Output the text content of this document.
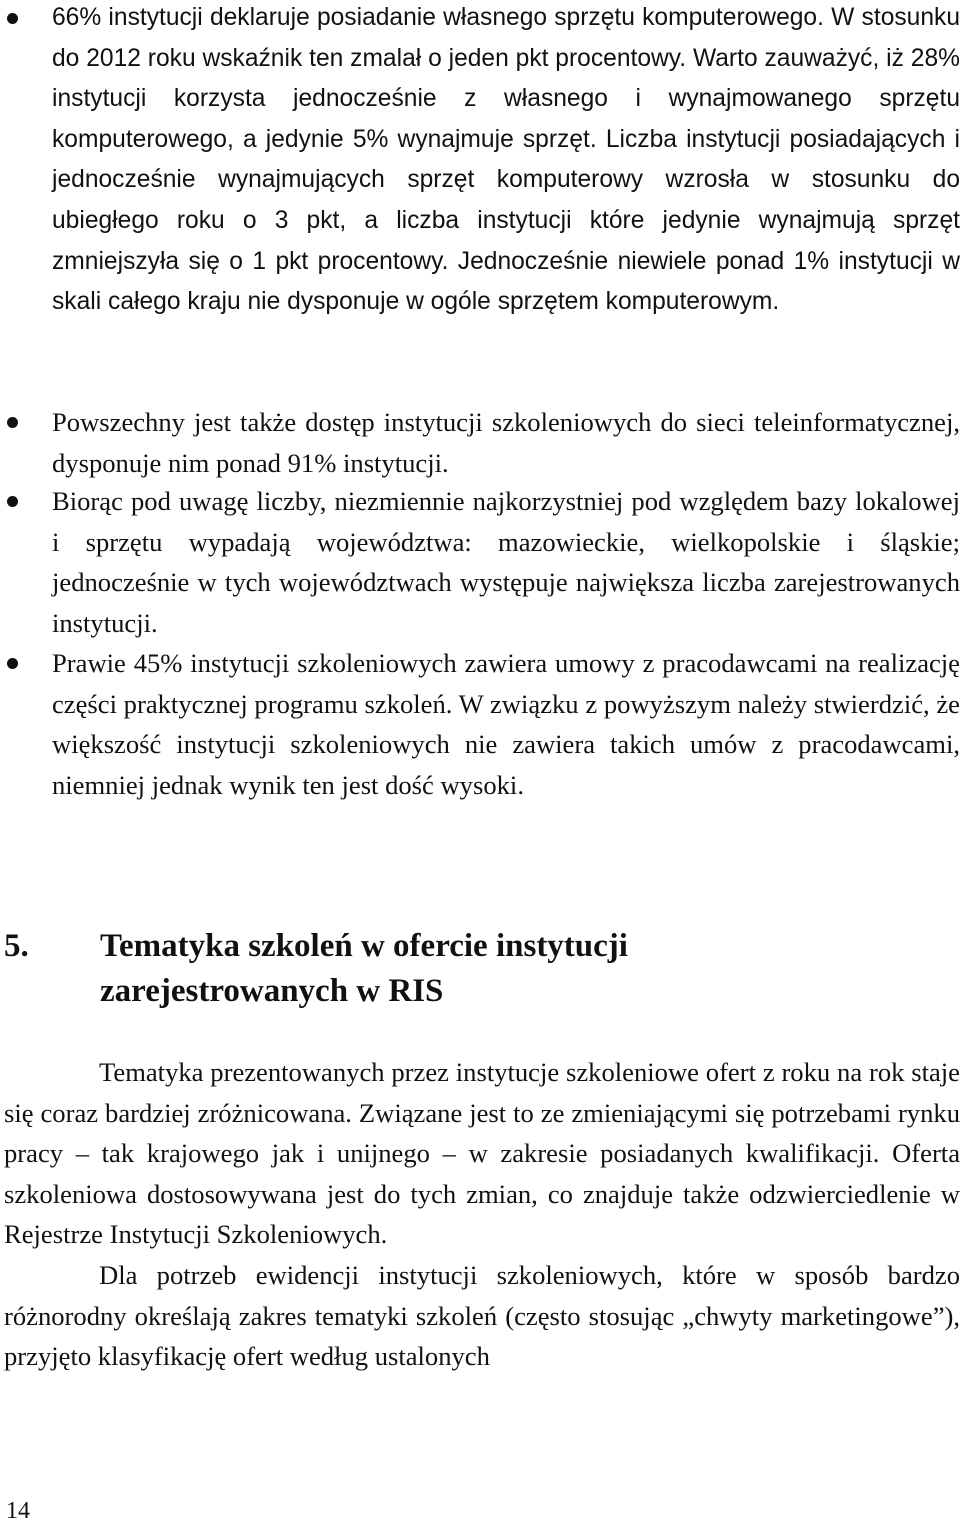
66% instytucji deklaruje posiadanie własnego sprzętu komputerowego. W stosunku do 2012 roku wskaźnik ten zmalał o jeden pkt procentowy. Warto zauważyć, iż 28% instytucji korzysta jednocześnie z własnego i wynajmowanego sprzętu komputerowego, a jedynie 5% wynajmuje sprzęt. Liczba instytucji posiadających i jednocześnie wynajmujących sprzęt komputerowy wzrosła w stosunku do ubiegłego roku o 3 pkt, a liczba instytucji które jedynie wynajmują sprzęt zmniejszyła się o 1 pkt procentowy. Jednocześnie niewiele ponad 1% instytucji w skali całego kraju nie dysponuje w ogóle sprzętem komputerowym.
Powszechny jest także dostęp instytucji szkoleniowych do sieci teleinformatycznej, dysponuje nim ponad 91% instytucji.
Biorąc pod uwagę liczby, niezmiennie najkorzystniej pod względem bazy lokalowej i sprzętu wypadają województwa: mazowieckie, wielkopolskie i śląskie; jednocześnie w tych województwach występuje największa liczba zarejestrowanych instytucji.
Prawie 45% instytucji szkoleniowych zawiera umowy z pracodawcami na realizację części praktycznej programu szkoleń. W związku z powyższym należy stwierdzić, że większość instytucji szkoleniowych nie zawiera takich umów z pracodawcami, niemniej jednak wynik ten jest dość wysoki.
5. Tematyka szkoleń w ofercie instytucji
zarejestrowanych w RIS

Tematyka prezentowanych przez instytucje szkoleniowe ofert z roku na rok staje się coraz bardziej zróżnicowana. Związane jest to ze zmieniającymi się potrzebami rynku pracy – tak krajowego jak i unijnego – w zakresie posiadanych kwalifikacji. Oferta szkoleniowa dostosowywana jest do tych zmian, co znajduje także odzwierciedlenie w Rejestrze Instytucji Szkoleniowych.

Dla potrzeb ewidencji instytucji szkoleniowych, które w sposób bardzo różnorodny określają zakres tematyki szkoleń (często stosując „chwyty marketingowe”), przyjęto klasyfikację ofert według ustalonych

14
